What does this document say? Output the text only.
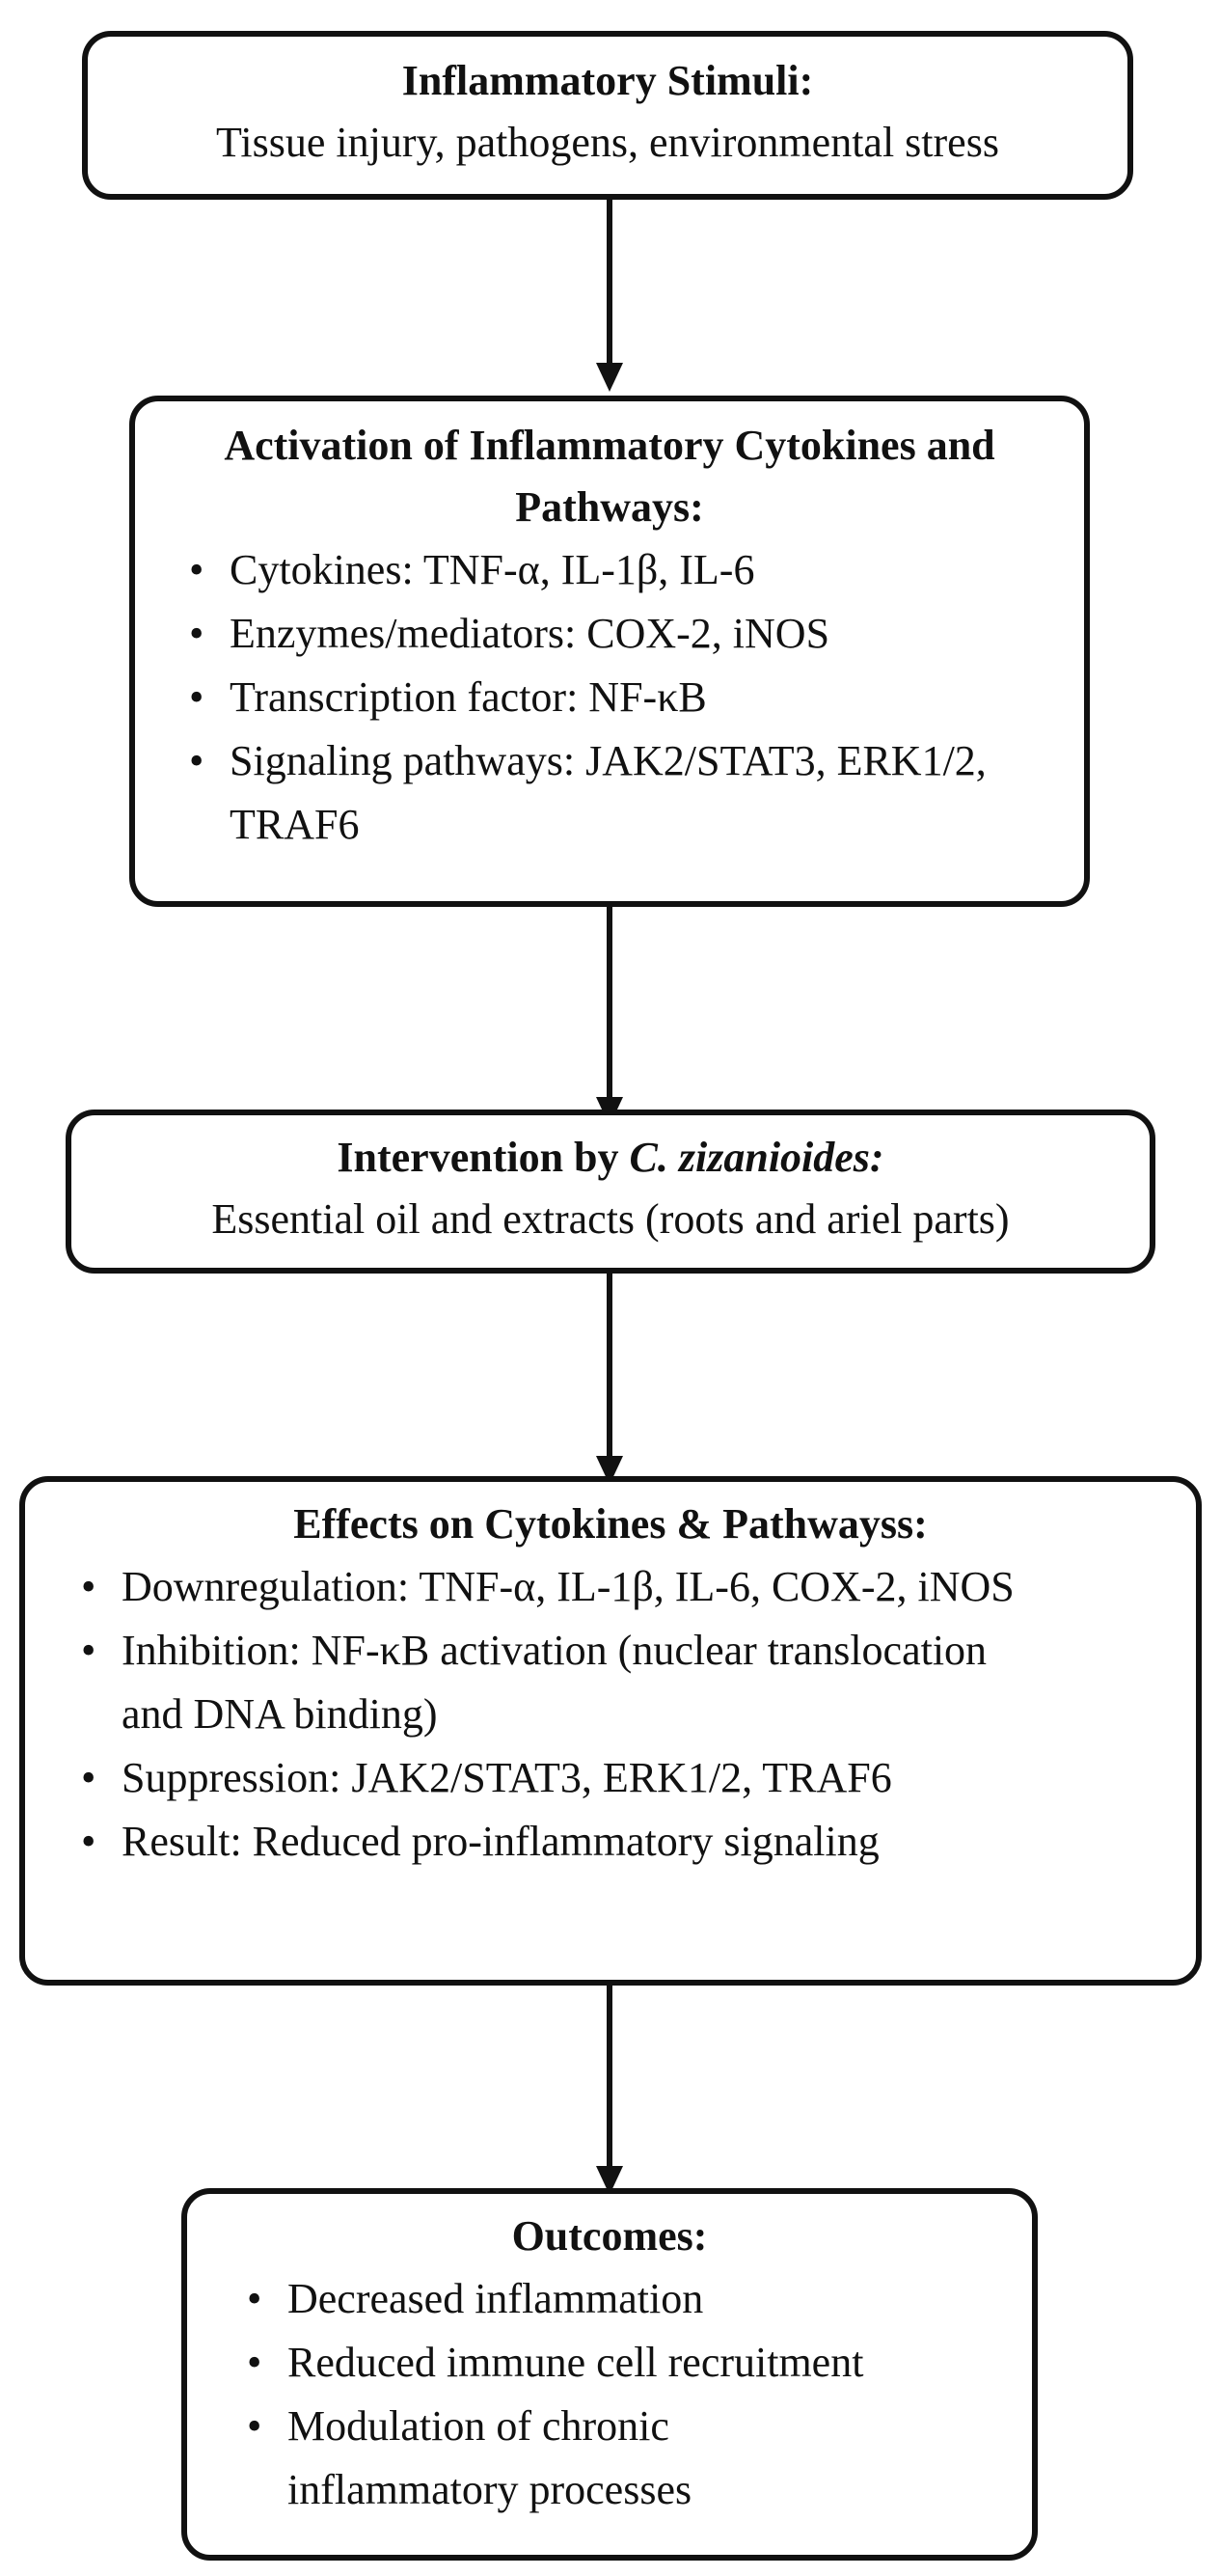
Inflammatory Stimuli:
Tissue injury, pathogens, environmental stress
Activation of Inflammatory Cytokines and Pathways:
• Cytokines: TNF-α, IL-1β, IL-6
• Enzymes/mediators: COX-2, iNOS
• Transcription factor: NF-κB
• Signaling pathways: JAK2/STAT3, ERK1/2, TRAF6
Intervention by C. zizanioides:
Essential oil and extracts (roots and ariel parts)
Effects on Cytokines & Pathwayss:
• Downregulation: TNF-α, IL-1β, IL-6, COX-2, iNOS
• Inhibition: NF-κB activation (nuclear translocation and DNA binding)
• Suppression: JAK2/STAT3, ERK1/2, TRAF6
• Result: Reduced pro-inflammatory signaling
Outcomes:
• Decreased inflammation
• Reduced immune cell recruitment
• Modulation of chronic inflammatory processes
